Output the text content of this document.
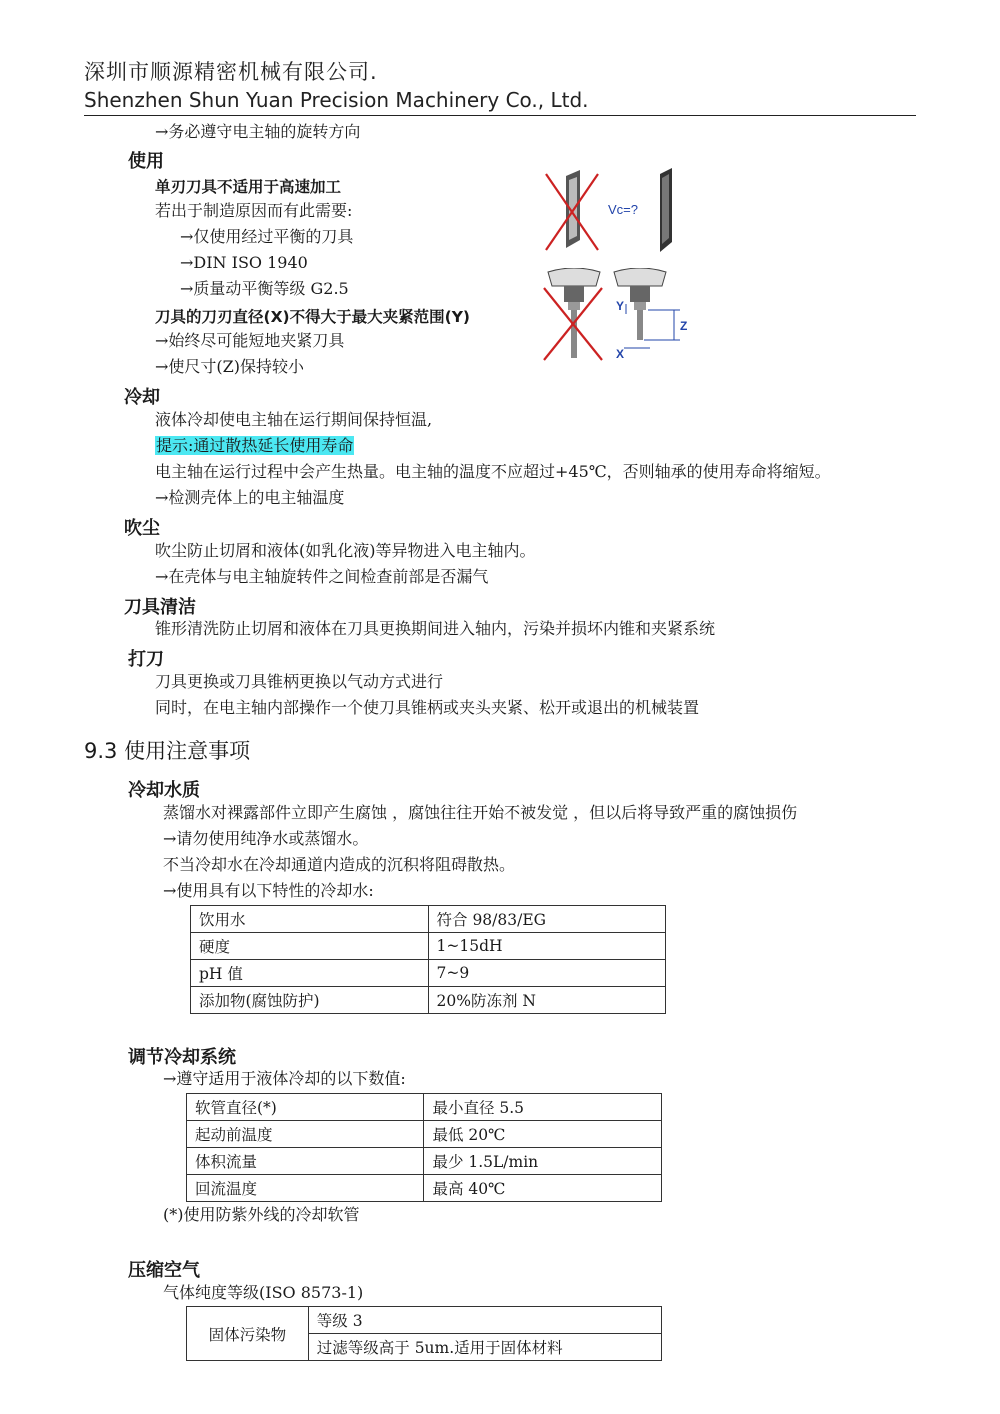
深圳市顺源精密机械有限公司.
Shenzhen Shun Yuan Precision Machinery Co., Ltd.
→务必遵守电主轴的旋转方向
使用
单刃刀具不适用于高速加工
若出于制造原因而有此需要:
→仅使用经过平衡的刀具
→DIN ISO 1940
→质量动平衡等级 G2.5
刀具的刀刃直径(X)不得大于最大夹紧范围(Y)
→始终尽可能短地夹紧刀具
→使尺寸(Z)保持较小
Vc=?
Y
Z
X
冷却
液体冷却使电主轴在运行期间保持恒温,
提示:通过散热延长使用寿命
电主轴在运行过程中会产生热量。电主轴的温度不应超过+45℃，否则轴承的使用寿命将缩短。
→检测壳体上的电主轴温度
吹尘
吹尘防止切屑和液体(如乳化液)等异物进入电主轴内。
→在壳体与电主轴旋转件之间检查前部是否漏气
刀具清洁
锥形清洗防止切屑和液体在刀具更换期间进入轴内，污染并损坏内锥和夹紧系统
打刀
刀具更换或刀具锥柄更换以气动方式进行
同时，在电主轴内部操作一个使刀具锥柄或夹头夹紧、松开或退出的机械装置
9.3 使用注意事项
冷却水质
蒸馏水对裸露部件立即产生腐蚀 ，腐蚀往往开始不被发觉 ，但以后将导致严重的腐蚀损伤
→请勿使用纯净水或蒸馏水。
不当冷却水在冷却通道内造成的沉积将阻碍散热。
→使用具有以下特性的冷却水:
饮用水	符合 98/83/EG
硬度	1~15dH
pH 值	7~9
添加物(腐蚀防护)	20%防冻剂 N
调节冷却系统
→遵守适用于液体冷却的以下数值:
软管直径(*)	最小直径 5.5
起动前温度	最低 20℃
体积流量	最少 1.5L/min
回流温度	最高 40℃
(*)使用防紫外线的冷却软管
压缩空气
气体纯度等级(ISO 8573-1)
固体污染物	等级 3
过滤等级高于 5um.适用于固体材料
